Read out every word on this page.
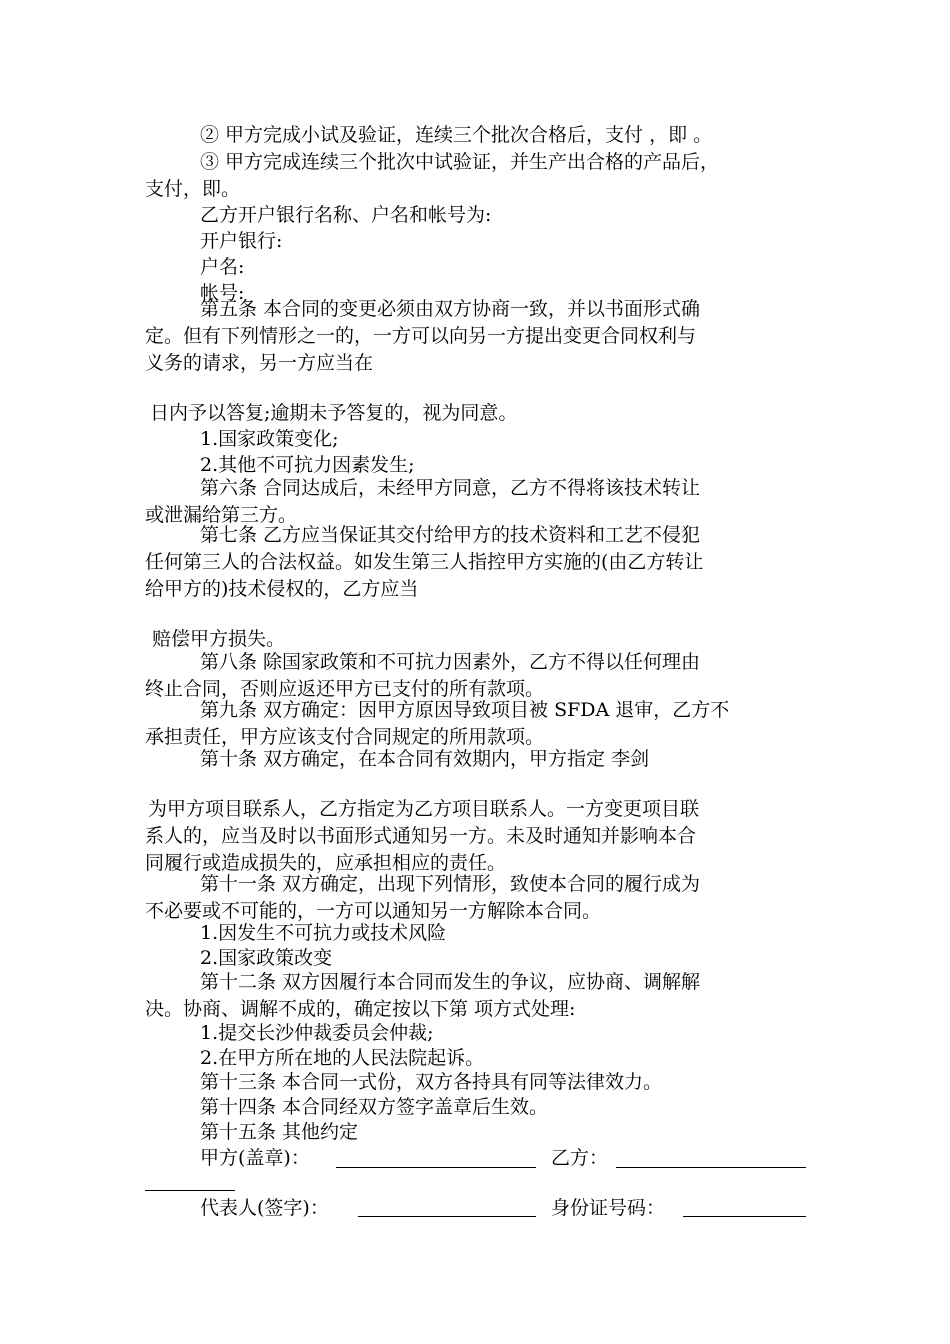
② 甲方完成小试及验证，连续三个批次合格后，支付 ，即 。
③ 甲方完成连续三个批次中试验证，并生产出合格的产品后，
支付，即。
乙方开户银行名称、户名和帐号为:
开户银行:
户名:
帐号:
第五条 本合同的变更必须由双方协商一致，并以书面形式确
定。但有下列情形之一的，一方可以向另一方提出变更合同权利与
义务的请求，另一方应当在
日内予以答复;逾期未予答复的，视为同意。
1.国家政策变化;
2.其他不可抗力因素发生;
第六条 合同达成后，未经甲方同意，乙方不得将该技术转让
或泄漏给第三方。
第七条 乙方应当保证其交付给甲方的技术资料和工艺不侵犯
任何第三人的合法权益。如发生第三人指控甲方实施的(由乙方转让
给甲方的)技术侵权的，乙方应当
赔偿甲方损失。
第八条 除国家政策和不可抗力因素外，乙方不得以任何理由
终止合同，否则应返还甲方已支付的所有款项。
第九条 双方确定：因甲方原因导致项目被 SFDA 退审，乙方不
承担责任，甲方应该支付合同规定的所用款项。
第十条 双方确定，在本合同有效期内，甲方指定 李剑
为甲方项目联系人，乙方指定为乙方项目联系人。一方变更项目联
系人的，应当及时以书面形式通知另一方。未及时通知并影响本合
同履行或造成损失的，应承担相应的责任。
第十一条 双方确定，出现下列情形，致使本合同的履行成为
不必要或不可能的，一方可以通知另一方解除本合同。
1.因发生不可抗力或技术风险
2.国家政策改变
第十二条 双方因履行本合同而发生的争议，应协商、调解解
决。协商、调解不成的，确定按以下第 项方式处理:
1.提交长沙仲裁委员会仲裁;
2.在甲方所在地的人民法院起诉。
第十三条 本合同一式份，双方各持具有同等法律效力。
第十四条 本合同经双方签字盖章后生效。
第十五条 其他约定
甲方(盖章)：	乙方：
代表人(签字)：	身份证号码：
